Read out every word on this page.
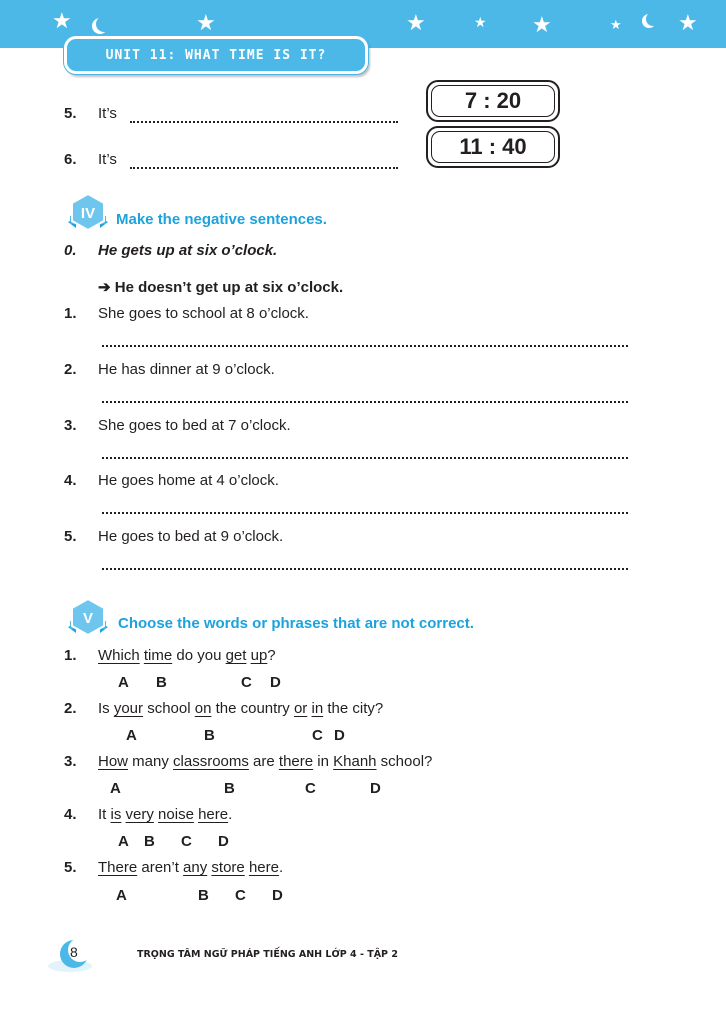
★	★	★	★ ★	★	★
UNIT 11: WHAT TIME IS IT?
5. It’s
7 : 20
6. It’s
11 : 40
IV Make the negative sentences.
0. He gets up at six o’clock.
➔ He doesn’t get up at six o’clock.
1. She goes to school at 8 o’clock.
2. He has dinner at 9 o’clock.
3. She goes to bed at 7 o’clock.
4. He goes home at 4 o’clock.
5. He goes to bed at 9 o’clock.
V Choose the words or phrases that are not correct.
1. Which time do you get up?
A B	C D
2. Is your school on the country or in the city?
A	B	C D
3. How many classrooms are there in Khanh school?
A	B	C	D
4. It is very noise here.
A B C D
5. There aren’t any store here.
A	B C D
8	TRỌNG TÂM NGỮ PHÁP TIẾNG ANH LỚP 4 - TẬP 2
